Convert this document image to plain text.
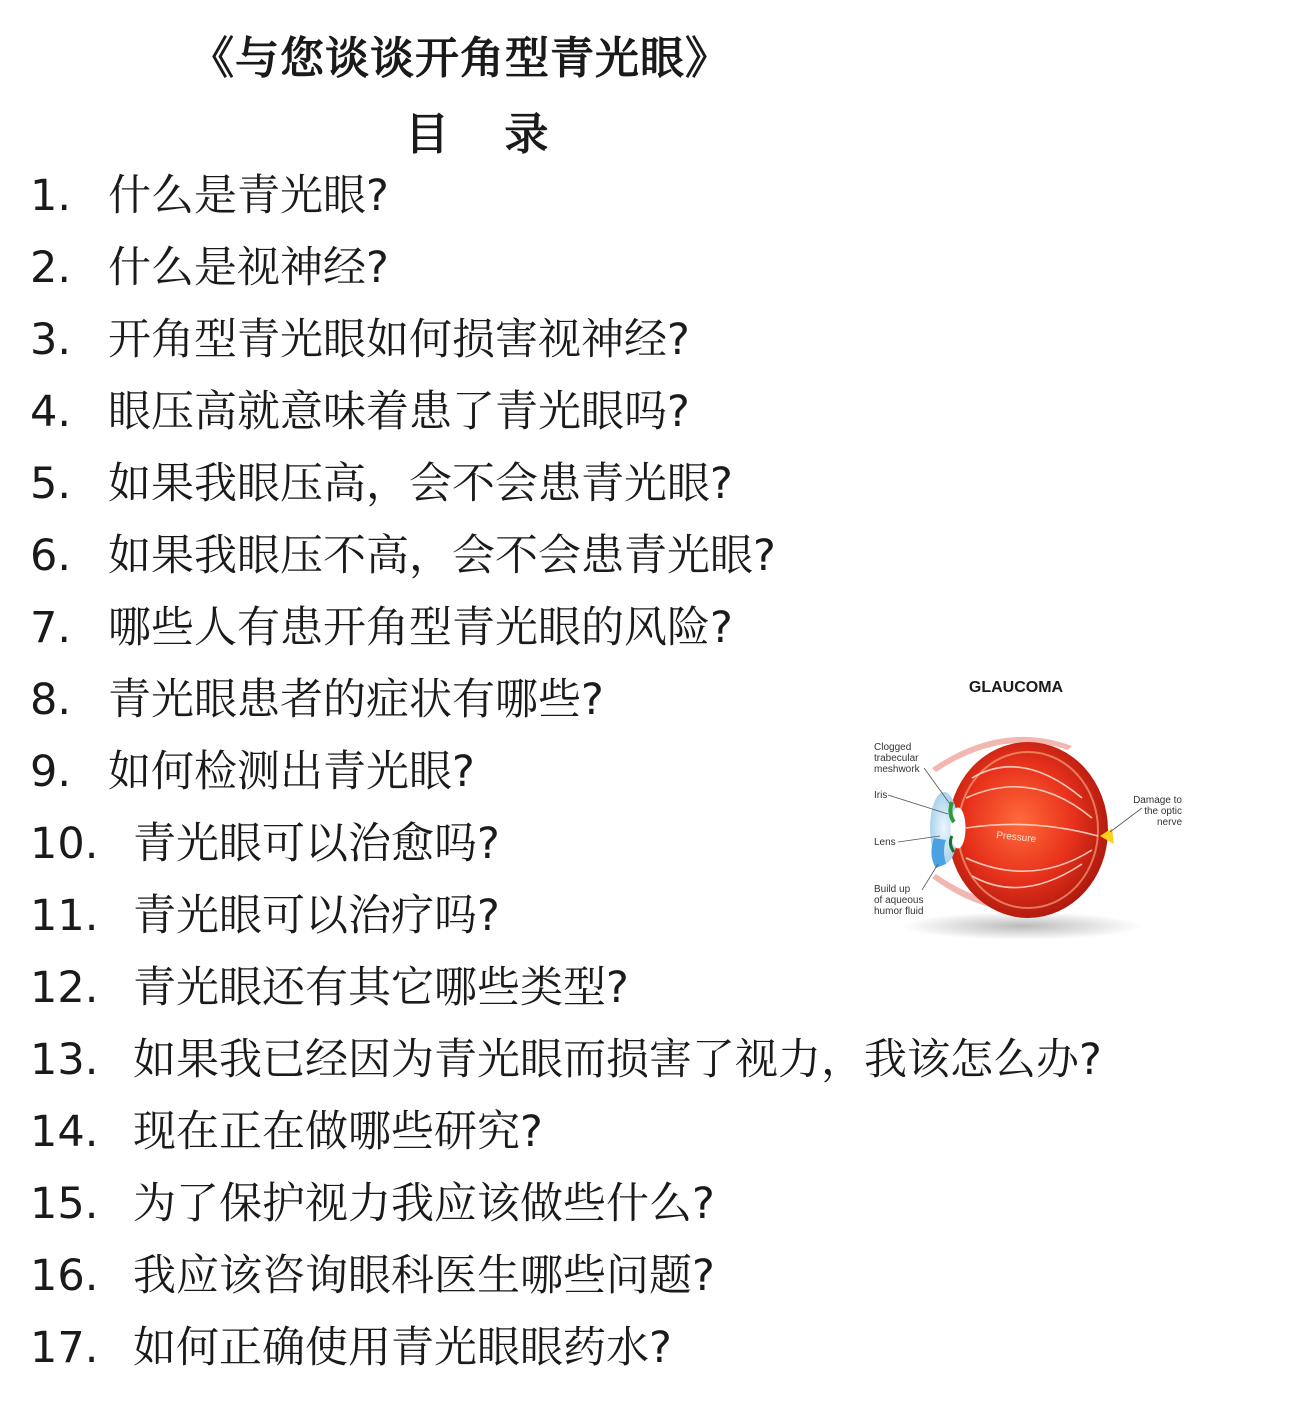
《与您谈谈开角型青光眼》
目 录
1. 什么是青光眼?
2. 什么是视神经?
3. 开角型青光眼如何损害视神经?
4. 眼压高就意味着患了青光眼吗?
5. 如果我眼压高，会不会患青光眼?
6. 如果我眼压不高，会不会患青光眼?
7. 哪些人有患开角型青光眼的风险?
8. 青光眼患者的症状有哪些?
9. 如何检测出青光眼?
10. 青光眼可以治愈吗?
11. 青光眼可以治疗吗?
12. 青光眼还有其它哪些类型?
13. 如果我已经因为青光眼而损害了视力，我该怎么办?
14. 现在正在做哪些研究?
15. 为了保护视力我应该做些什么?
16. 我应该咨询眼科医生哪些问题?
17. 如何正确使用青光眼眼药水?
GLAUCOMA
Pressure
Clogged
trabecular
meshwork
Iris
Lens
Build up
of aqueous
humor fluid
Damage to
the optic
nerve
